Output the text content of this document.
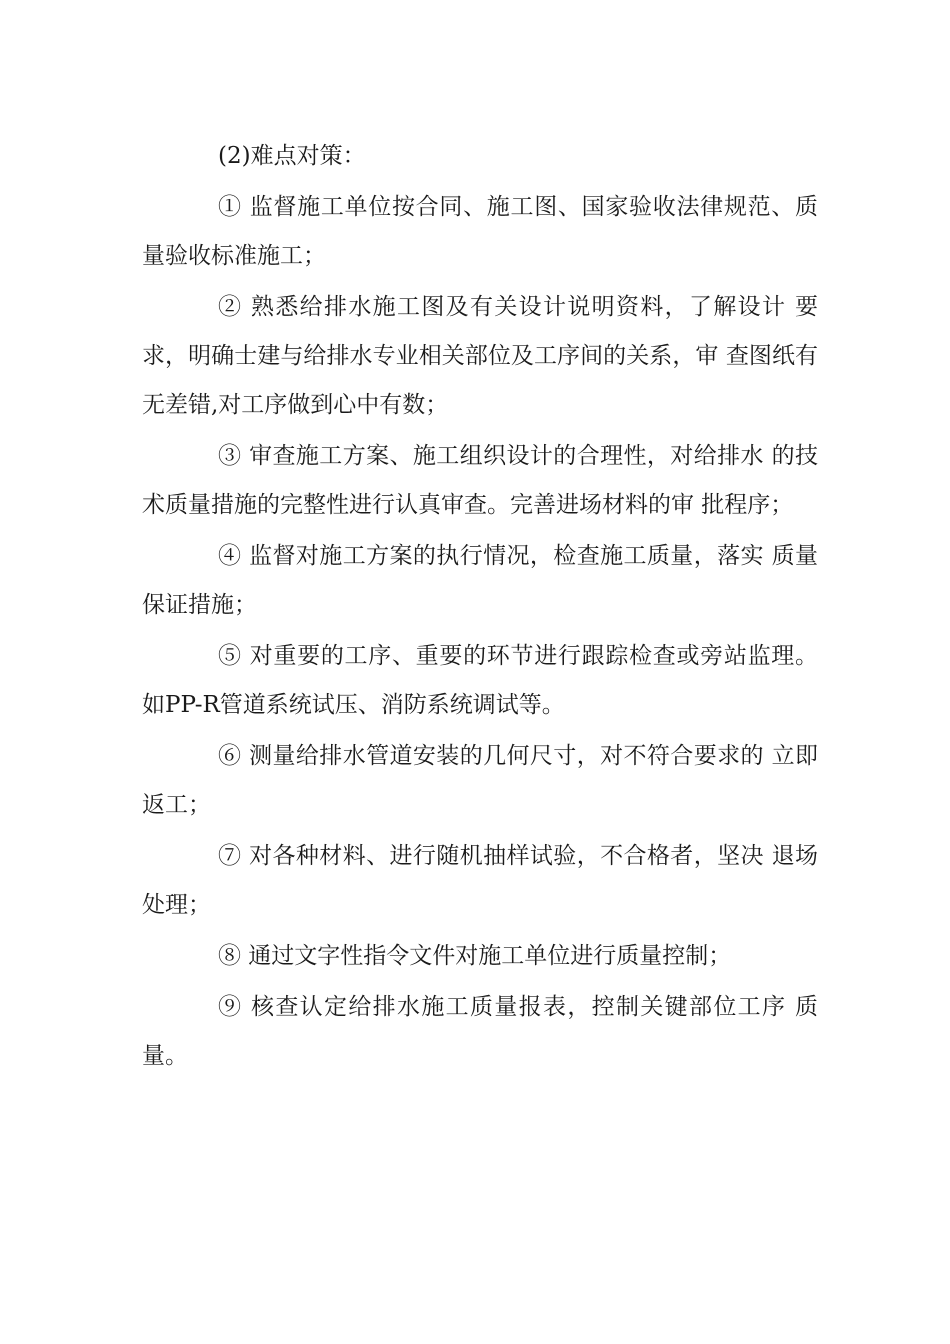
(2)难点对策：

① 监督施工单位按合同、施工图、国家验收法律规范、质量验收标准施工；

② 熟悉给排水施工图及有关设计说明资料，了解设计 要求，明确士建与给排水专业相关部位及工序间的关系，审 查图纸有无差错,对工序做到心中有数；

③ 审查施工方案、施工组织设计的合理性，对给排水 的技术质量措施的完整性进行认真审查。完善进场材料的审 批程序；

④ 监督对施工方案的执行情况，检查施工质量，落实 质量保证措施；

⑤ 对重要的工序、重要的环节进行跟踪检查或旁站监理。如PP-R管道系统试压、消防系统调试等。

⑥ 测量给排水管道安装的几何尺寸，对不符合要求的 立即返工；

⑦ 对各种材料、进行随机抽样试验，不合格者，坚决 退场处理；

⑧ 通过文字性指令文件对施工单位进行质量控制；

⑨ 核查认定给排水施工质量报表，控制关键部位工序 质量。
